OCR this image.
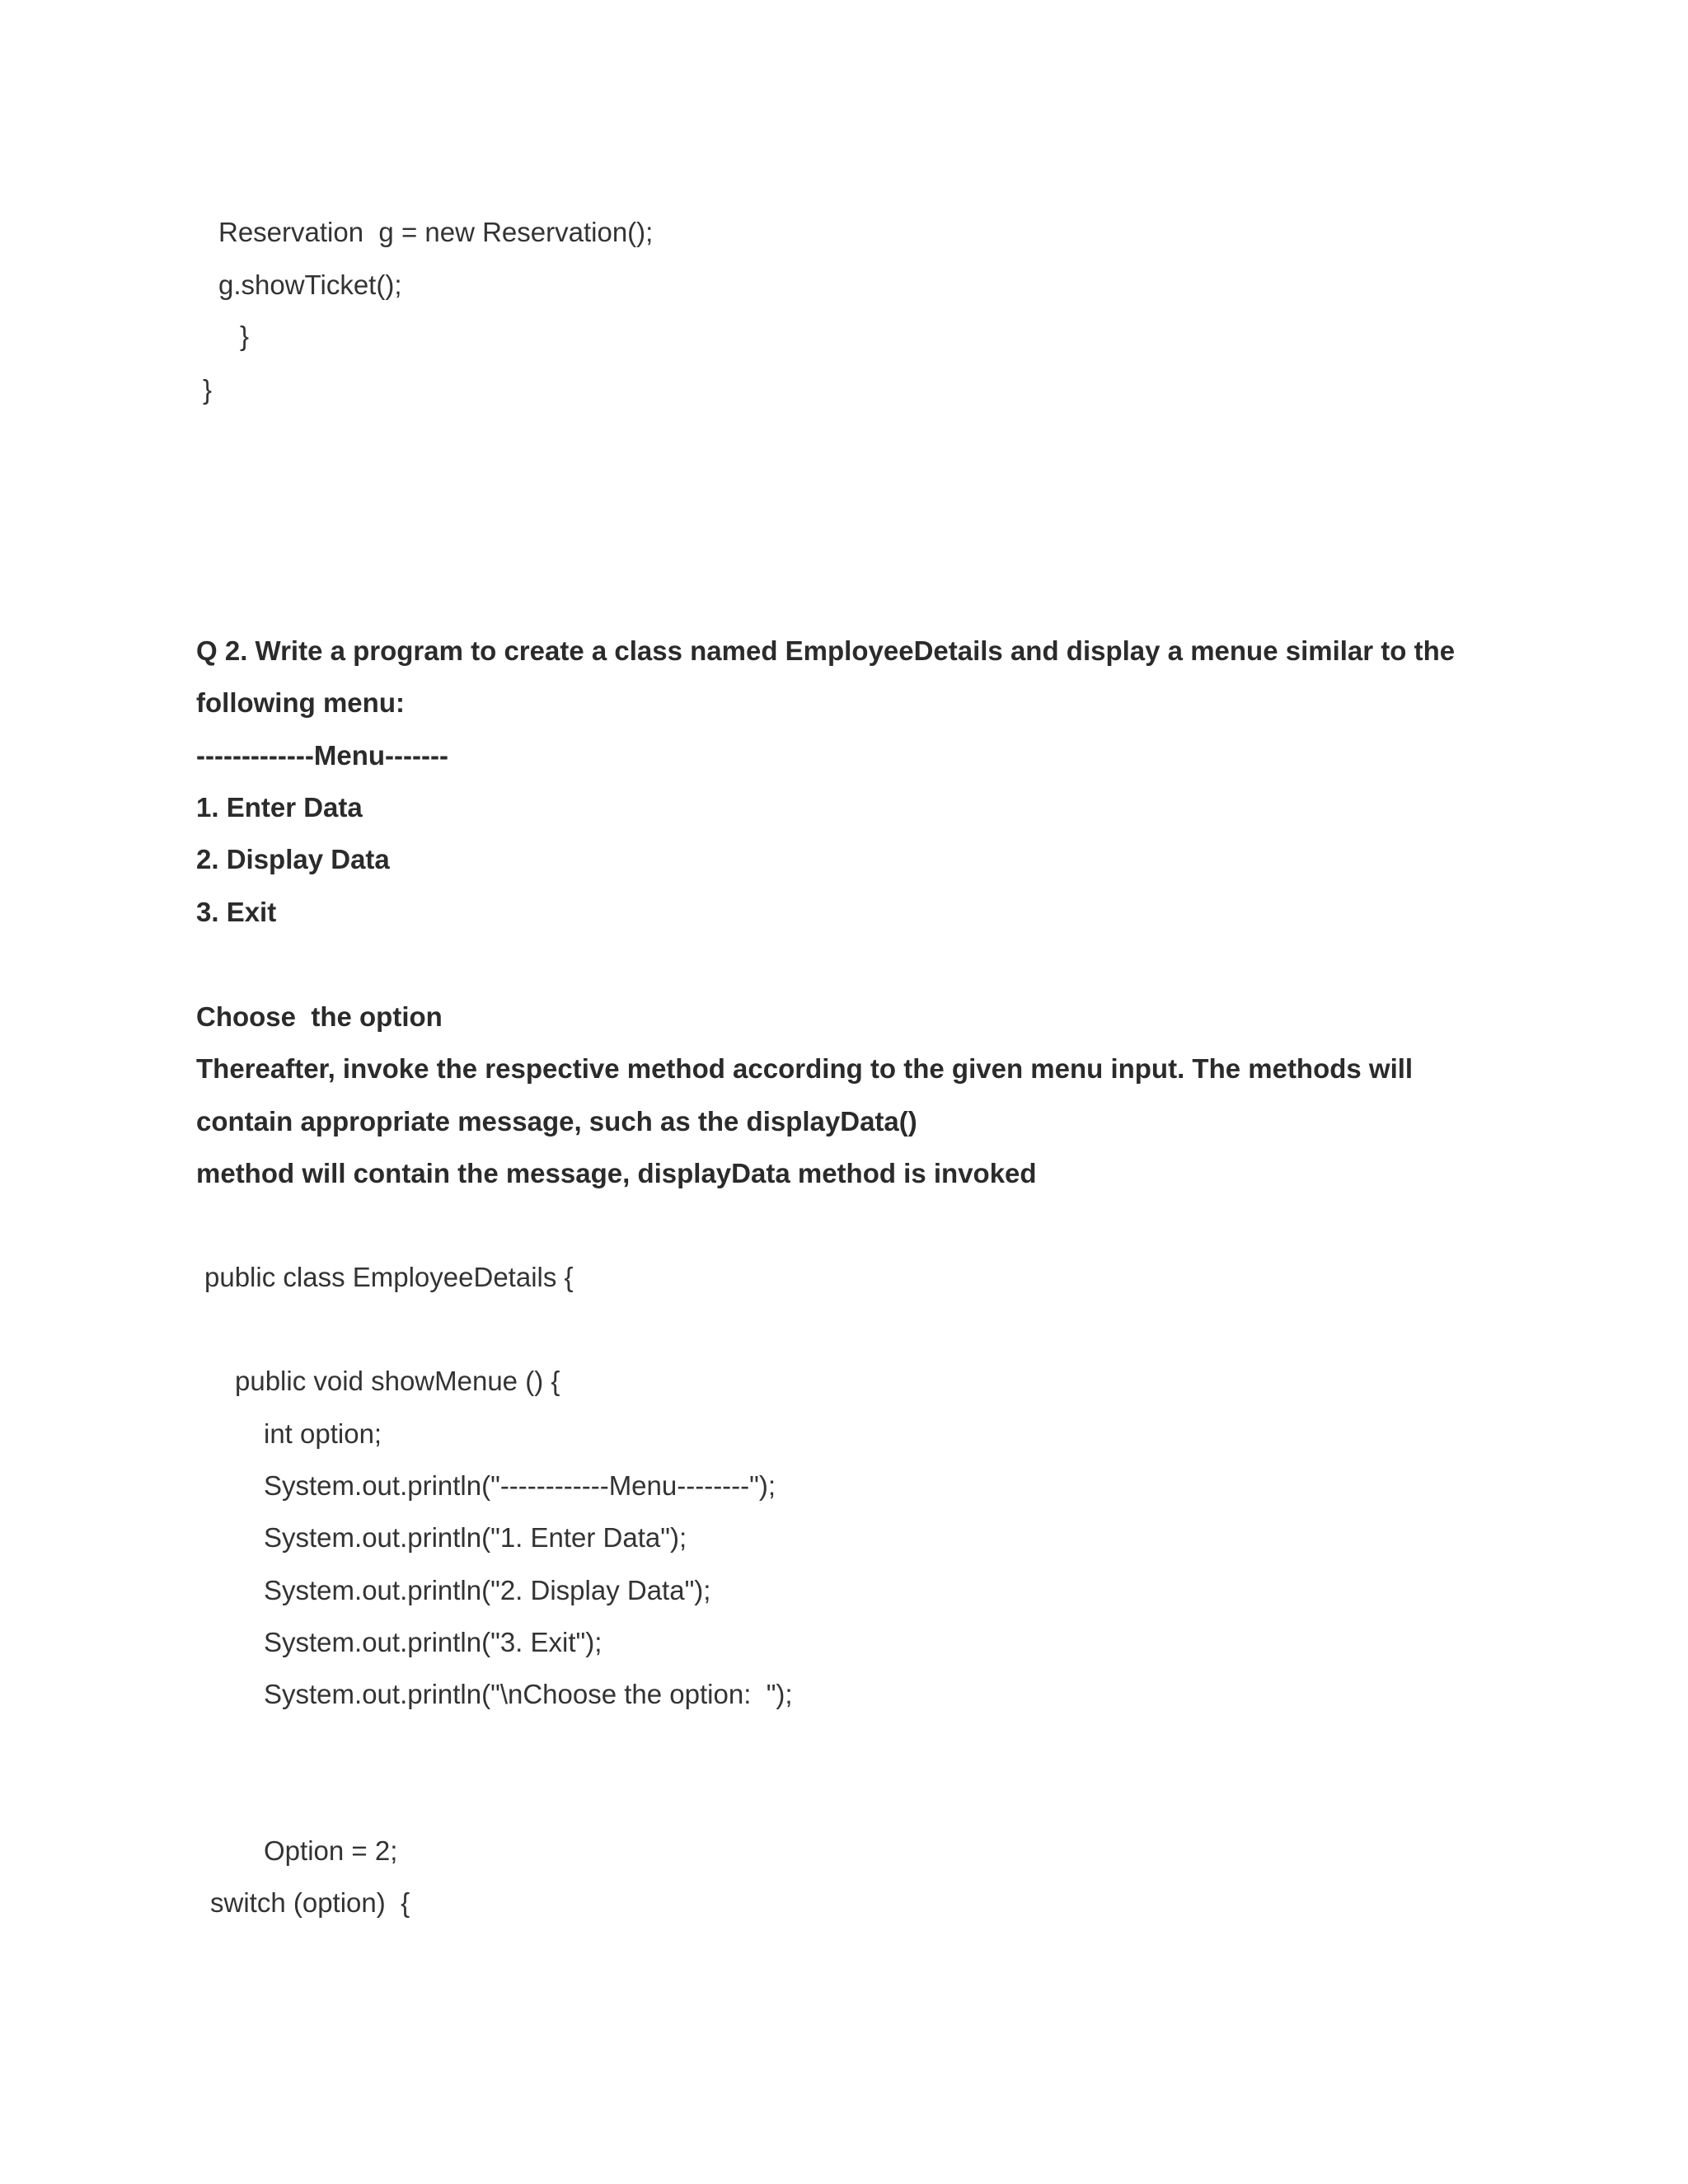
Reservation  g = new Reservation();

g.showTicket();

}

}

Q 2. Write a program to create a class named EmployeeDetails and display a menue similar to the

following menu:

-------------Menu-------

1. Enter Data

2. Display Data

3. Exit

Choose  the option

Thereafter, invoke the respective method according to the given menu input. The methods will

contain appropriate message, such as the displayData()

method will contain the message, displayData method is invoked

public class EmployeeDetails {

public void showMenue () {

int option;

System.out.println("------------Menu--------");

System.out.println("1. Enter Data");

System.out.println("2. Display Data");

System.out.println("3. Exit");

System.out.println("\nChoose the option:  ");

Option = 2;

switch (option)  {
